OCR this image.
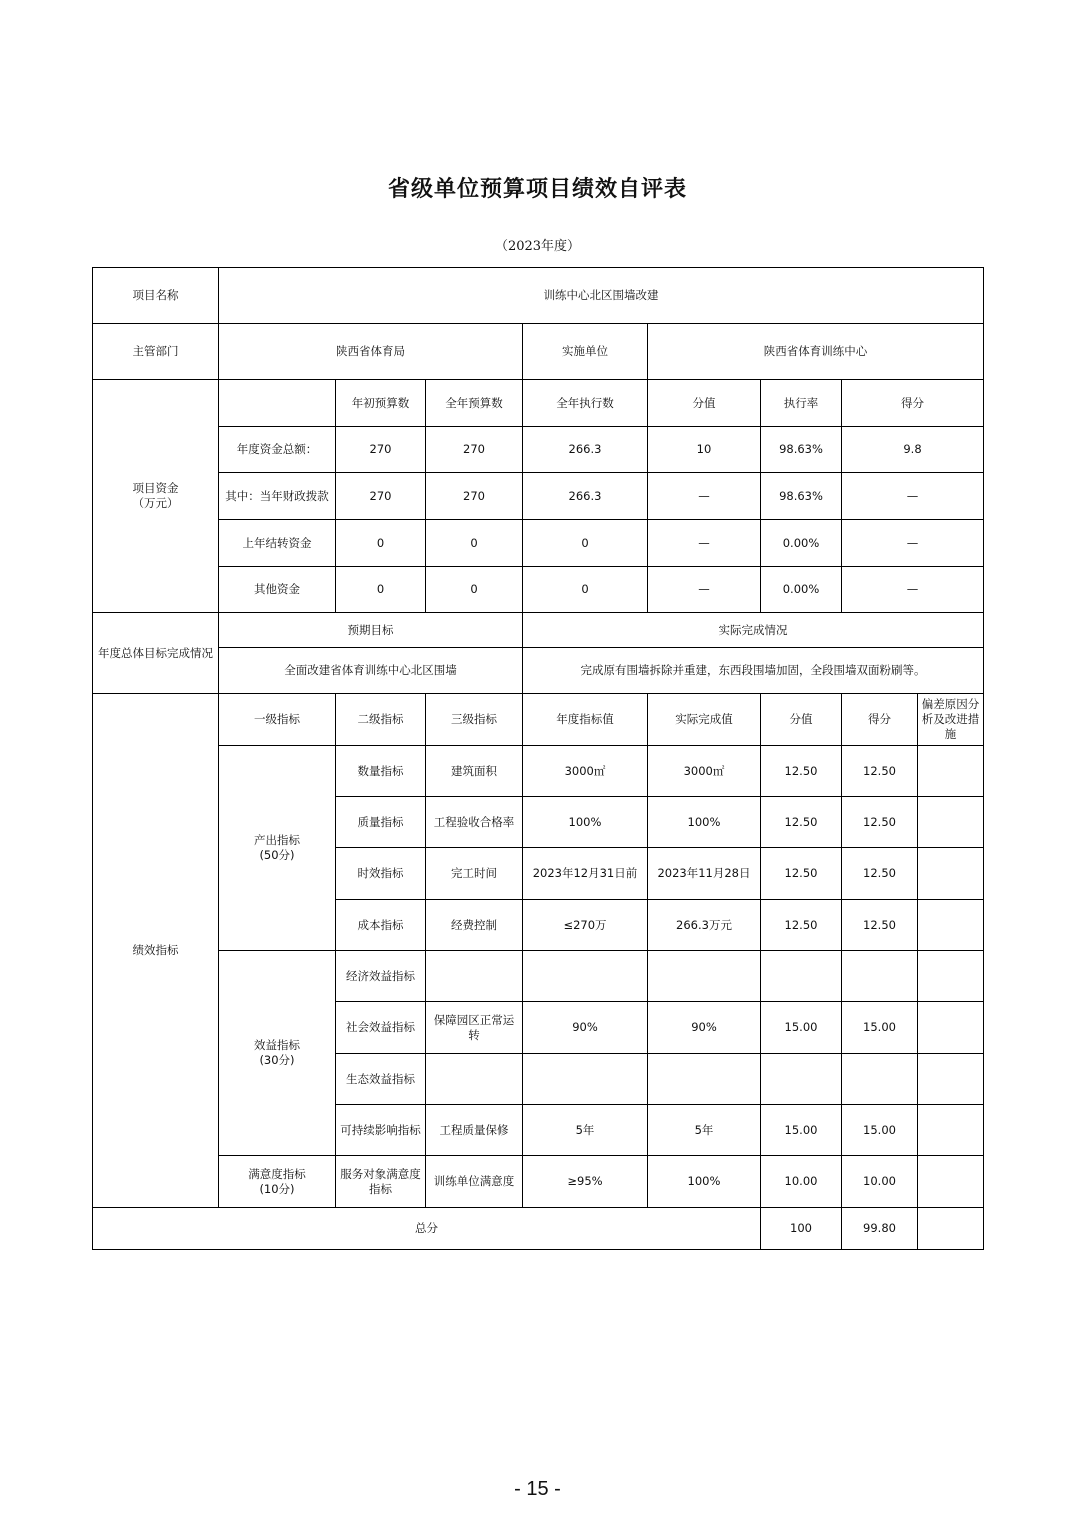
省级单位预算项目绩效自评表
（2023年度）
项目名称	训练中心北区围墙改建							
主管部门	陕西省体育局			实施单位	陕西省体育训练中心			
项目资金
（万元）		年初预算数	全年预算数	全年执行数	分值	执行率	得分	
	年度资金总额：	270	270	266.3	10	98.63%	9.8	
	其中：当年财政拨款	270	270	266.3	—	98.63%	—	
	上年结转资金	0	0	0	—	0.00%	—	
	其他资金	0	0	0	—	0.00%	—	
年度总体目标完成情况	预期目标			实际完成情况				
	全面改建省体育训练中心北区围墙			完成原有围墙拆除并重建，东西段围墙加固，全段围墙双面粉刷等。				
绩效指标	一级指标	二级指标	三级指标	年度指标值	实际完成值	分值	得分	偏差原因分析及改进措施
	产出指标
(50分)	数量指标	建筑面积	3000㎡	3000㎡	12.50	12.50	
		质量指标	工程验收合格率	100%	100%	12.50	12.50	
		时效指标	完工时间	2023年12月31日前	2023年11月28日	12.50	12.50	
		成本指标	经费控制	≤270万	266.3万元	12.50	12.50	
	效益指标
(30分)	经济效益指标						
		社会效益指标	保障园区正常运转	90%	90%	15.00	15.00	
		生态效益指标						
		可持续影响指标	工程质量保修	5年	5年	15.00	15.00	
	满意度指标
(10分)	服务对象满意度指标	训练单位满意度	≥95%	100%	10.00	10.00	
总分						100	99.80	
- 15 -
